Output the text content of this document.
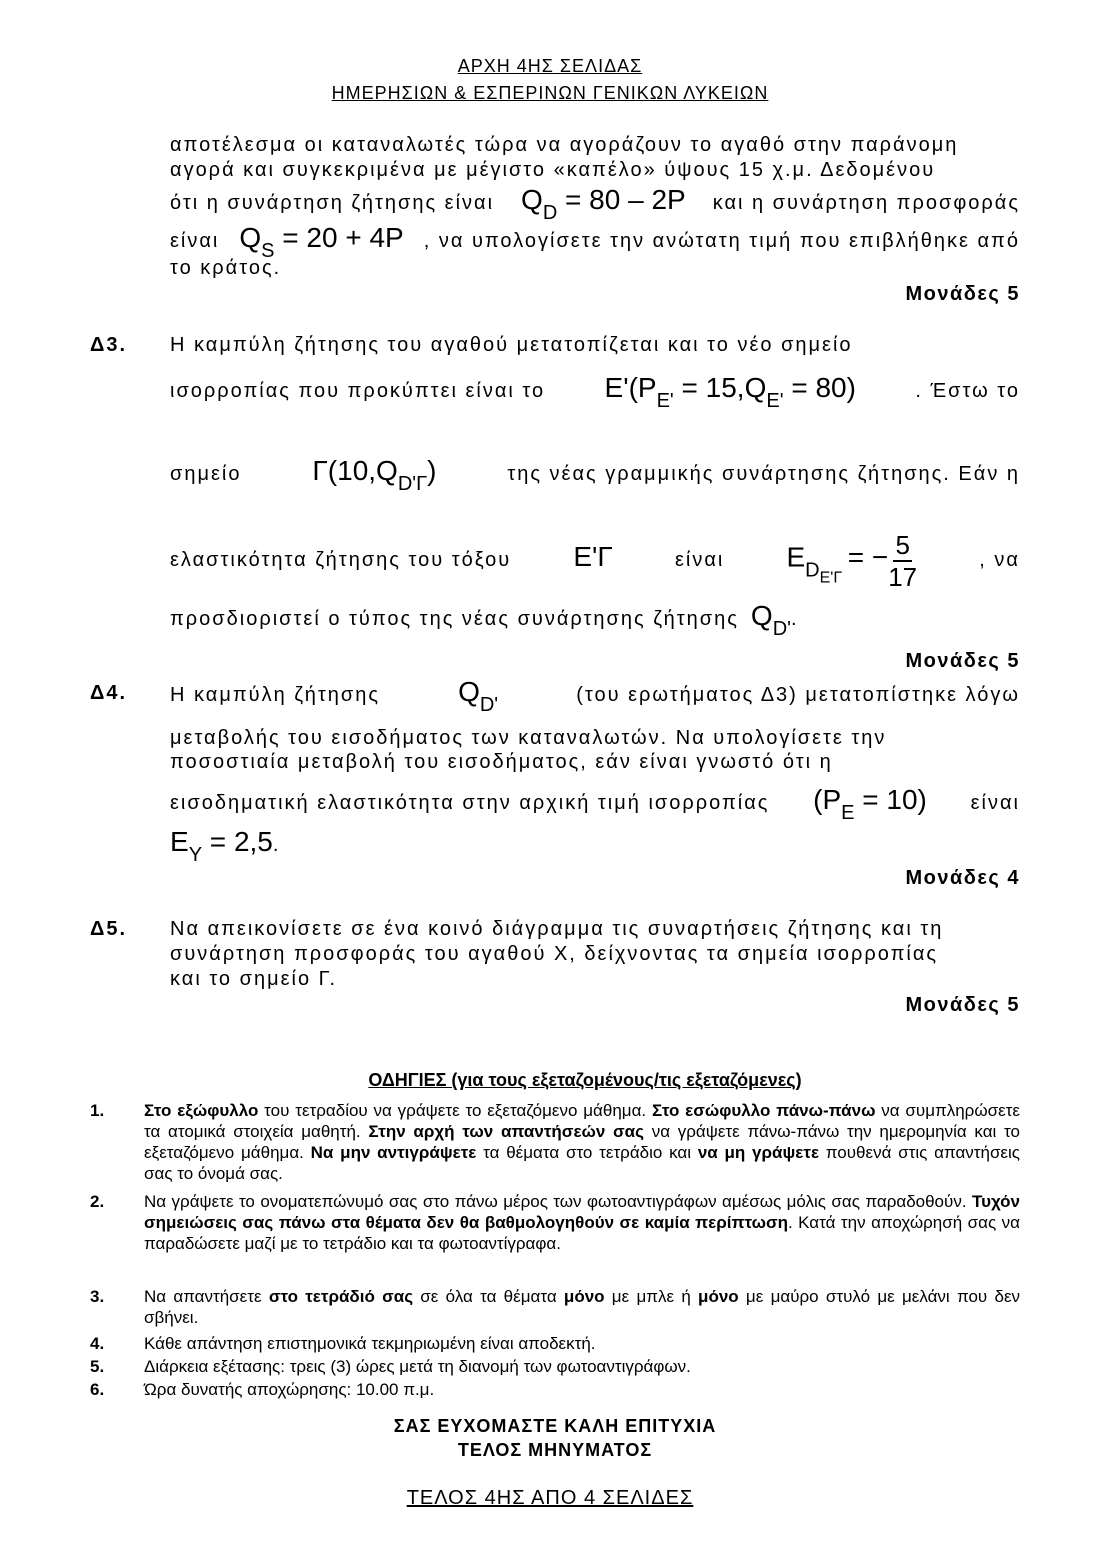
ΑΡΧΗ 4ΗΣ ΣΕΛΙΔΑΣ
ΗΜΕΡΗΣΙΩΝ & ΕΣΠΕΡΙΝΩΝ ΓΕΝΙΚΩΝ ΛΥΚΕΙΩΝ
αποτέλεσμα οι καταναλωτές τώρα να αγοράζουν το αγαθό στην παράνομη
αγορά και συγκεκριμένα με μέγιστο «καπέλο» ύψους 15 χ.μ. Δεδομένου
ότι η συνάρτηση ζήτησης είναι QD = 80 – 2P και η συνάρτηση προσφοράς
είναι QS = 20 + 4P , να υπολογίσετε την ανώτατη τιμή που επιβλήθηκε από
το κράτος.
Μονάδες 5
Δ3. Η καμπύλη ζήτησης του αγαθού μετατοπίζεται και το νέο σημείο
ισορροπίας που προκύπτει είναι το E'(PE' = 15,QE' = 80)	. Έστω το
σημείο	Γ(10,QD'Γ)	της νέας γραμμικής συνάρτησης ζήτησης. Εάν η
ελαστικότητα ζήτησης του τόξου E'Γ	είναι $ED_{E'\Gamma}$ = − $\frac{5}{17}$	, να
προσδιοριστεί ο τύπος της νέας συνάρτησης ζήτησης QD'.
Μονάδες 5
Δ4. Η καμπύλη ζήτησης	QD'	(του ερωτήματος Δ3) μετατοπίστηκε λόγω
μεταβολής του εισοδήματος των καταναλωτών. Να υπολογίσετε την
ποσοστιαία μεταβολή του εισοδήματος, εάν είναι γνωστό ότι η
εισοδηματική ελαστικότητα στην αρχική τιμή ισορροπίας (PE = 10) είναι
EY = 2,5.
Μονάδες 4
Δ5. Να απεικονίσετε σε ένα κοινό διάγραμμα τις συναρτήσεις ζήτησης και τη
συνάρτηση προσφοράς του αγαθού Χ, δείχνοντας τα σημεία ισορροπίας
και το σημείο Γ.
Μονάδες 5
ΟΔΗΓΙΕΣ (για τους εξεταζομένους/τις εξεταζόμενες)
1. Στο εξώφυλλο του τετραδίου να γράψετε το εξεταζόμενο μάθημα. Στο εσώφυλλο πάνω-πάνω να συμπληρώσετε τα ατομικά στοιχεία μαθητή. Στην αρχή των απαντήσεών σας να γράψετε πάνω-πάνω την ημερομηνία και το εξεταζόμενο μάθημα. Να μην αντιγράψετε τα θέματα στο τετράδιο και να μη γράψετε πουθενά στις απαντήσεις σας το όνομά σας.
2. Να γράψετε το ονοματεπώνυμό σας στο πάνω μέρος των φωτοαντιγράφων αμέσως μόλις σας παραδοθούν. Τυχόν σημειώσεις σας πάνω στα θέματα δεν θα βαθμολογηθούν σε καμία περίπτωση. Κατά την αποχώρησή σας να παραδώσετε μαζί με το τετράδιο και τα φωτοαντίγραφα.
3. Να απαντήσετε στο τετράδιό σας σε όλα τα θέματα μόνο με μπλε ή μόνο με μαύρο στυλό με μελάνι που δεν σβήνει.
4. Κάθε απάντηση επιστημονικά τεκμηριωμένη είναι αποδεκτή.
5. Διάρκεια εξέτασης: τρεις (3) ώρες μετά τη διανομή των φωτοαντιγράφων.
6. Ώρα δυνατής αποχώρησης: 10.00 π.μ.
ΣΑΣ ΕΥΧΟΜΑΣΤΕ ΚΑΛΗ ΕΠΙΤΥΧΙΑ
ΤΕΛΟΣ ΜΗΝΥΜΑΤΟΣ
ΤΕΛΟΣ 4ΗΣ ΑΠΟ 4 ΣΕΛΙΔΕΣ
